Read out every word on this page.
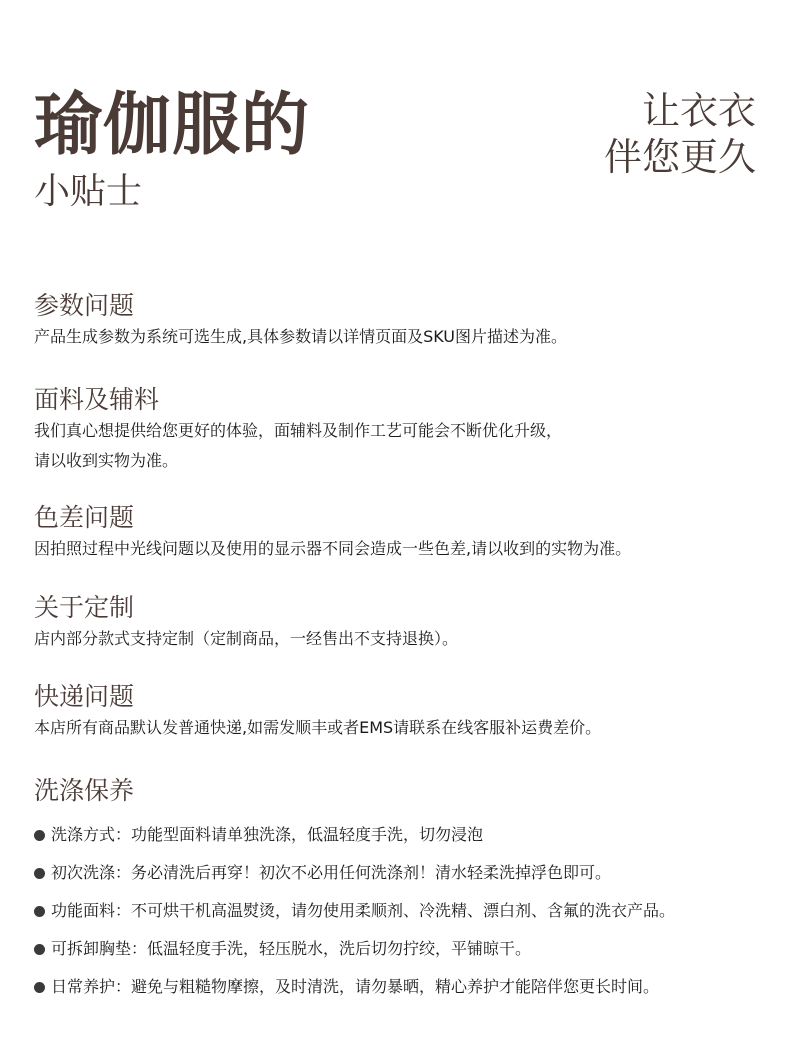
瑜伽服的
小贴士
让衣衣
伴您更久
参数问题
产品生成参数为系统可选生成,具体参数请以详情页面及SKU图片描述为准。
面料及辅料
我们真心想提供给您更好的体验，面辅料及制作工艺可能会不断优化升级，
请以收到实物为准。
色差问题
因拍照过程中光线问题以及使用的显示器不同会造成一些色差,请以收到的实物为准。
关于定制
店内部分款式支持定制（定制商品，一经售出不支持退换）。
快递问题
本店所有商品默认发普通快递,如需发顺丰或者EMS请联系在线客服补运费差价。
洗涤保养
洗涤方式：功能型面料请单独洗涤，低温轻度手洗，切勿浸泡
初次洗涤：务必清洗后再穿！初次不必用任何洗涤剂！清水轻柔洗掉浮色即可。
功能面料：不可烘干机高温熨烫，请勿使用柔顺剂、冷洗精、漂白剂、含氟的洗衣产品。
可拆卸胸垫：低温轻度手洗，轻压脱水，洗后切勿拧绞，平铺晾干。
日常养护：避免与粗糙物摩擦，及时清洗，请勿暴晒，精心养护才能陪伴您更长时间。
